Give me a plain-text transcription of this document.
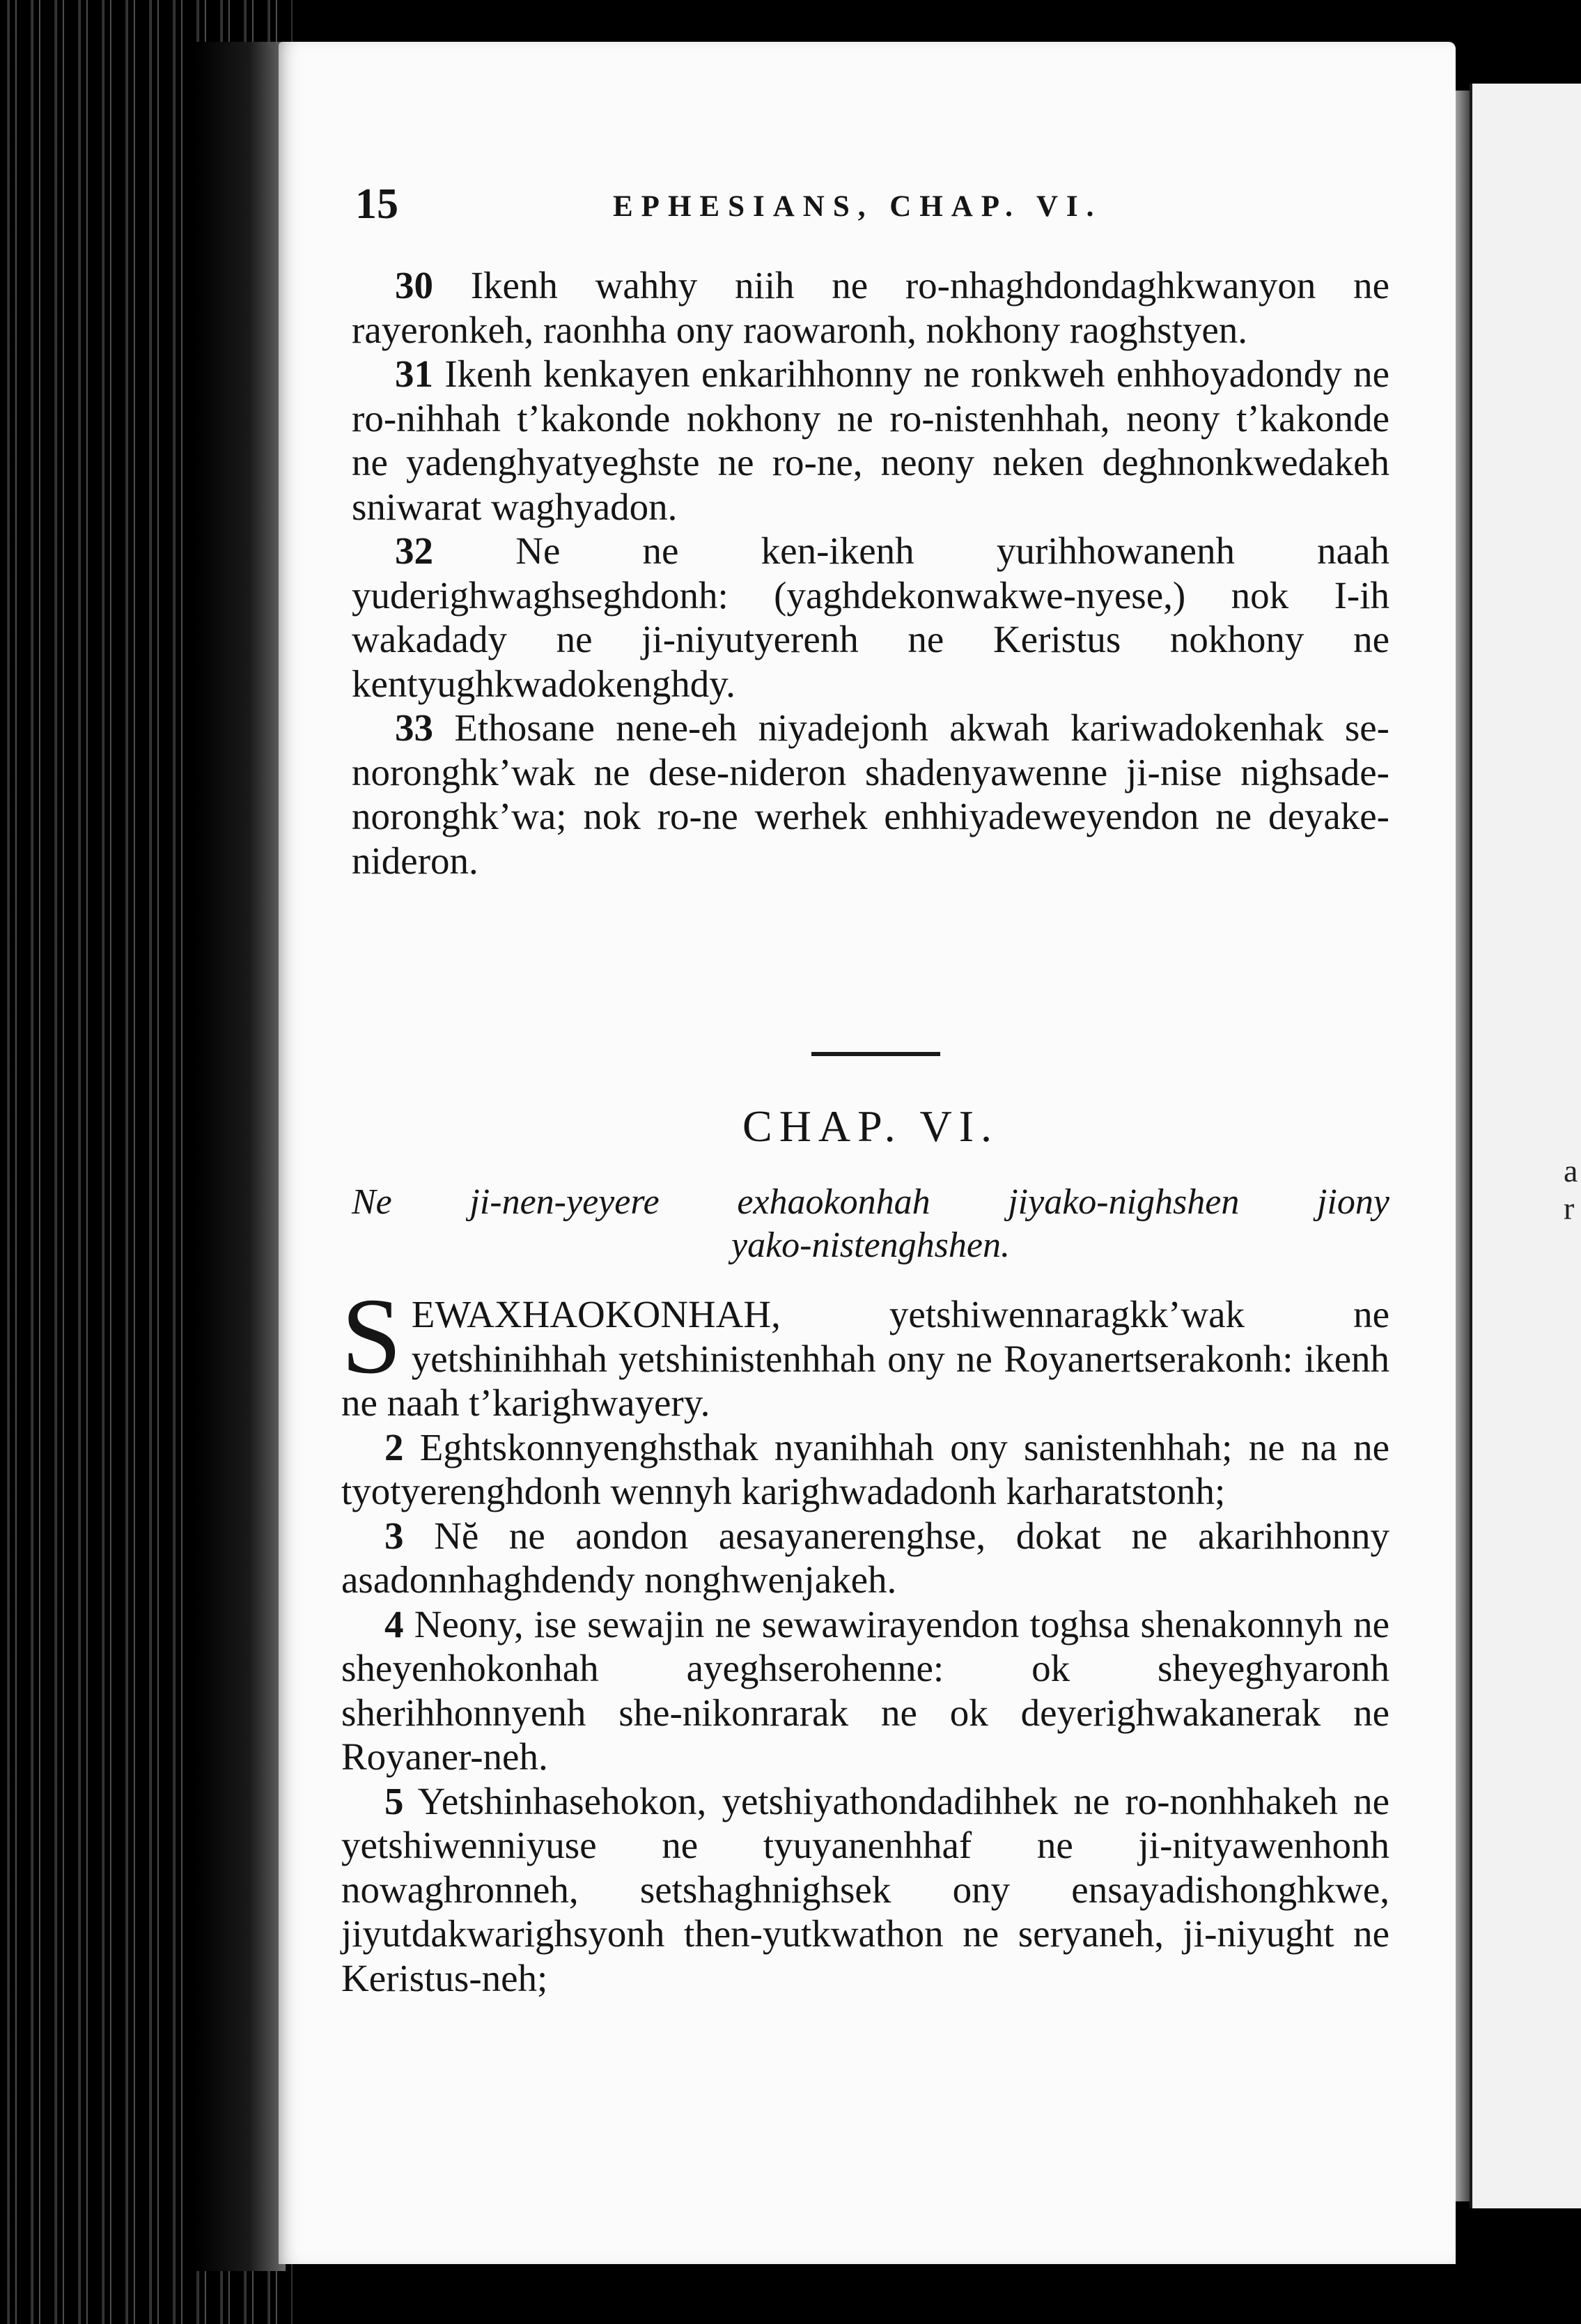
a
r
15	EPHESIANS, CHAP. VI.

30 Ikenh wahhy niih ne ro-nhaghdondaghkwanyon ne rayeronkeh, raonhha ony raowaronh, nokhony raoghstyen.

31 Ikenh kenkayen enkarihhonny ne ronkweh enhhoyadondy ne ro-nihhah t’kakonde nokhony ne ro-nistenhhah, neony t’kakonde ne yadenghyatyeghste ne ro-ne, neony neken deghnonkwedakeh sniwarat waghyadon.

32 Ne ne ken-ikenh yurihhowanenh naah yuderighwaghseghdonh: (yaghdekonwakwe-nyese,) nok I-ih wakadady ne ji-niyutyerenh ne Keristus nokhony ne kentyughkwadokenghdy.

33 Ethosane nene-eh niyadejonh akwah kariwadokenhak se-noronghk’wak ne dese-nideron shadenyawenne ji-nise nighsade-noronghk’wa; nok ro-ne werhek enhhiyadeweyendon ne deyake-nideron.

CHAP. VI.
Ne ji-nen-yeyere exhaokonhah jiyako-nighshen jiony
yako-nistenghshen.

SEWAXHAOKONHAH, yetshiwennaragkk’wak ne yetshinihhah yetshinistenhhah ony ne Royanertserakonh: ikenh ne naah t’karighwayery.

2 Eghtskonnyenghsthak nyanihhah ony sanistenhhah; ne na ne tyotyerenghdonh wennyh karighwadadonh karharatstonh;

3 Nĕ ne aondon aesayanerenghse, dokat ne akarihhonny asadonnhaghdendy nonghwenjakeh.

4 Neony, ise sewajin ne sewawirayendon toghsa shenakonnyh ne sheyenhokonhah ayeghserohenne: ok sheyeghyaronh sherihhonnyenh she-nikonrarak ne ok deyerighwakanerak ne Royaner-neh.

5 Yetshinhasehokon, yetshiyathondadihhek ne ro-nonhhakeh ne yetshiwenniyuse ne tyuyanenhhaf ne ji-nityawenhonh nowaghronneh, setshaghnighsek ony ensayadishonghkwe, jiyutdakwarighsyonh then-yutkwathon ne seryaneh, ji-niyught ne Keristus-neh;
